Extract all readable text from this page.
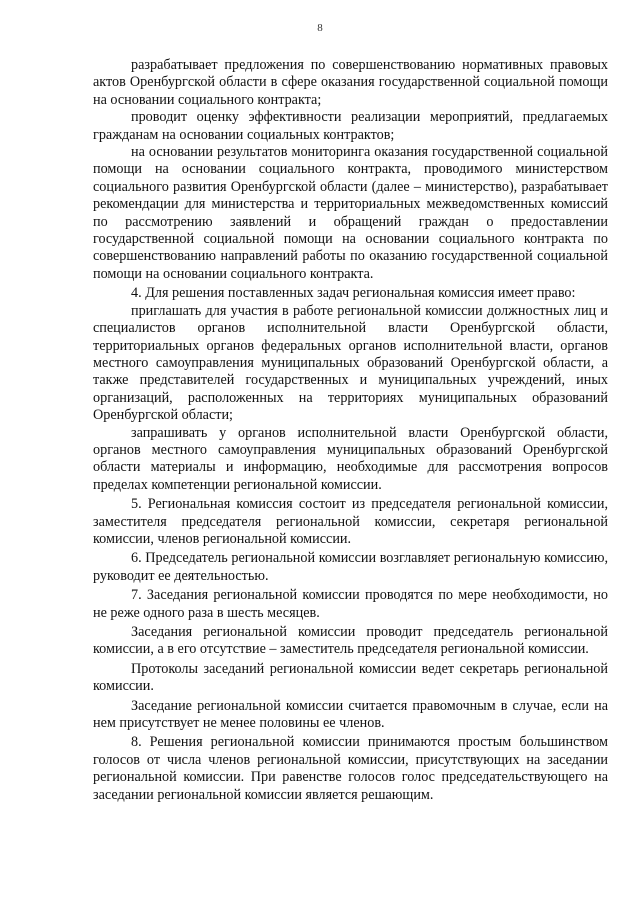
8

разрабатывает предложения по совершенствованию нормативных правовых актов Оренбургской области в сфере оказания государственной социальной помощи на основании социального контракта;

проводит оценку эффективности реализации мероприятий, предлагаемых гражданам на основании социальных контрактов;

на основании результатов мониторинга оказания государственной социальной помощи на основании социального контракта, проводимого министерством социального развития Оренбургской области (далее – министерство), разрабатывает рекомендации для министерства и территориальных межведомственных комиссий по рассмотрению заявлений и обращений граждан о предоставлении государственной социальной помощи на основании социального контракта по совершенствованию направлений работы по оказанию государственной социальной помощи на основании социального контракта.

4. Для решения поставленных задач региональная комиссия имеет право:

приглашать для участия в работе региональной комиссии должностных лиц и специалистов органов исполнительной власти Оренбургской области, территориальных органов федеральных органов исполнительной власти, органов местного самоуправления муниципальных образований Оренбургской области, а также представителей государственных и муниципальных учреждений, иных организаций, расположенных на территориях муниципальных образований Оренбургской области;

запрашивать у органов исполнительной власти Оренбургской области, органов местного самоуправления муниципальных образований Оренбургской области материалы и информацию, необходимые для рассмотрения вопросов пределах компетенции региональной комиссии.

5. Региональная комиссия состоит из председателя региональной комиссии, заместителя председателя региональной комиссии, секретаря региональной комиссии, членов региональной комиссии.

6. Председатель региональной комиссии возглавляет региональную комиссию, руководит ее деятельностью.

7. Заседания региональной комиссии проводятся по мере необходимости, но не реже одного раза в шесть месяцев.

Заседания региональной комиссии проводит председатель региональной комиссии, а в его отсутствие – заместитель председателя региональной комиссии.

Протоколы заседаний региональной комиссии ведет секретарь региональной комиссии.

Заседание региональной комиссии считается правомочным в случае, если на нем присутствует не менее половины ее членов.

8. Решения региональной комиссии принимаются простым большинством голосов от числа членов региональной комиссии, присутствующих на заседании региональной комиссии. При равенстве голосов голос председательствующего на заседании региональной комиссии является решающим.
